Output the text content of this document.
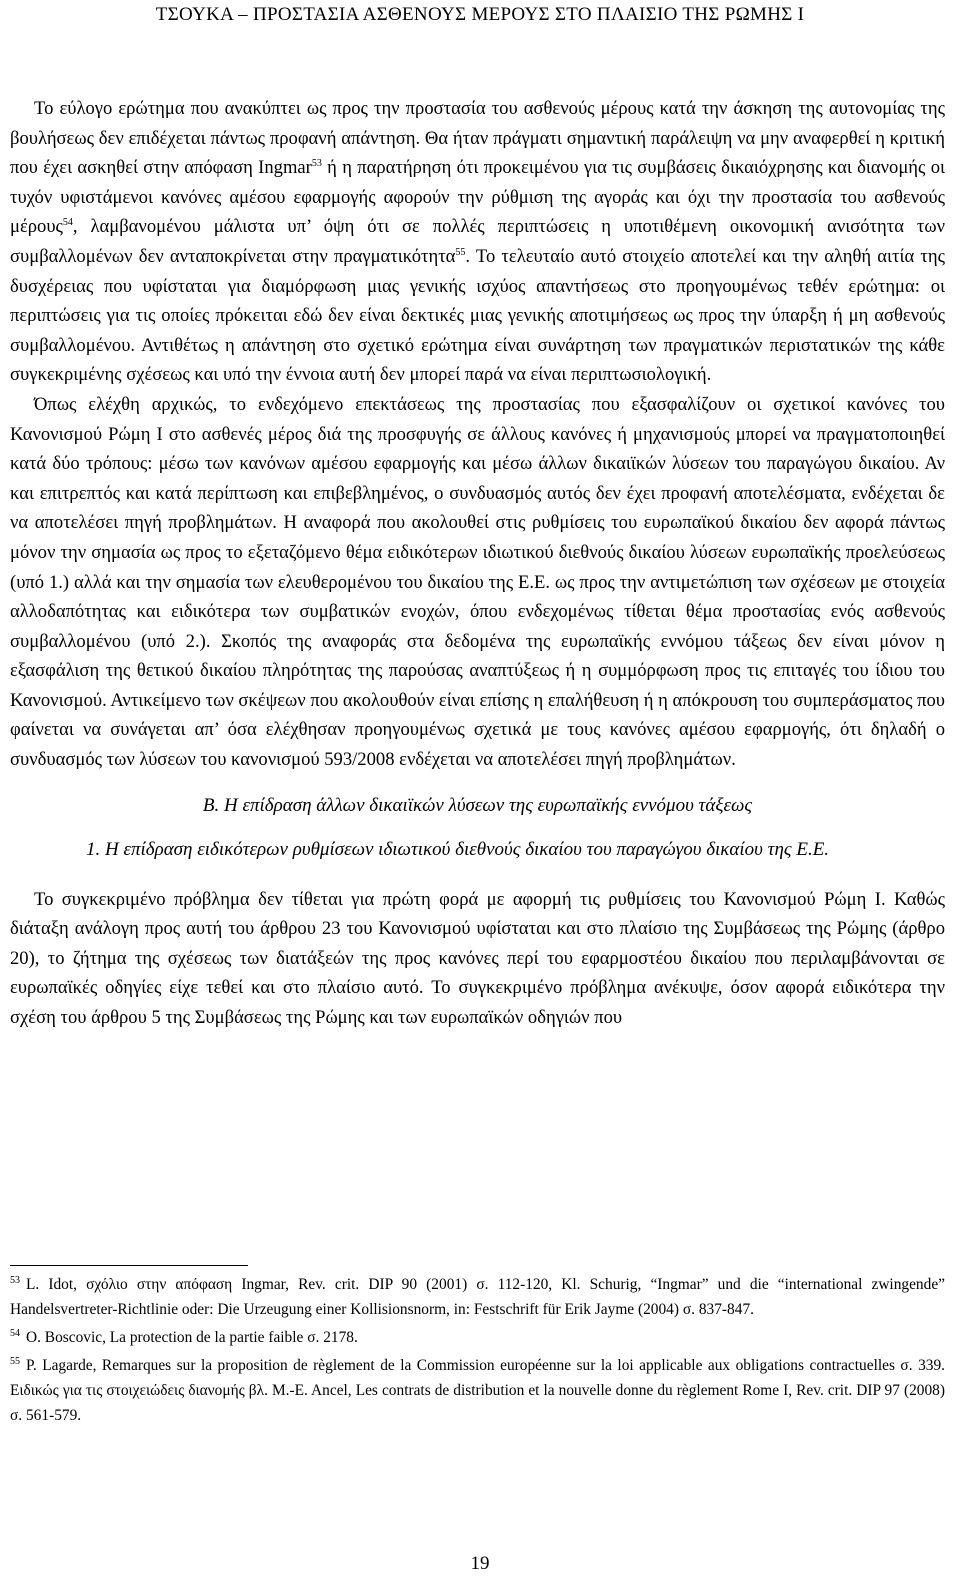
ΤΣΟΥΚΑ – ΠΡΟΣΤΑΣΙΑ ΑΣΘΕΝΟΥΣ ΜΕΡΟΥΣ ΣΤΟ ΠΛΑΙΣΙΟ ΤΗΣ ΡΩΜΗΣ Ι

Το εύλογο ερώτημα που ανακύπτει ως προς την προστασία του ασθενούς μέρους κατά την άσκηση της αυτονομίας της βουλήσεως δεν επιδέχεται πάντως προφανή απάντηση. Θα ήταν πράγματι σημαντική παράλειψη να μην αναφερθεί η κριτική που έχει ασκηθεί στην απόφαση Ingmar$^{53}$ ή η παρατήρηση ότι προκειμένου για τις συμβάσεις δικαιόχρησης και διανομής οι τυχόν υφιστάμενοι κανόνες αμέσου εφαρμογής αφορούν την ρύθμιση της αγοράς και όχι την προστασία του ασθενούς μέρους$^{54}$, λαμβανομένου μάλιστα υπ’ όψη ότι σε πολλές περιπτώσεις η υποτιθέμενη οικονομική ανισότητα των συμβαλλομένων δεν ανταποκρίνεται στην πραγματικότητα$^{55}$. Το τελευταίο αυτό στοιχείο αποτελεί και την αληθή αιτία της δυσχέρειας που υφίσταται για διαμόρφωση μιας γενικής ισχύος απαντήσεως στο προηγουμένως τεθέν ερώτημα: οι περιπτώσεις για τις οποίες πρόκειται εδώ δεν είναι δεκτικές μιας γενικής αποτιμήσεως ως προς την ύπαρξη ή μη ασθενούς συμβαλλομένου. Αντιθέτως η απάντηση στο σχετικό ερώτημα είναι συνάρτηση των πραγματικών περιστατικών της κάθε συγκεκριμένης σχέσεως και υπό την έννοια αυτή δεν μπορεί παρά να είναι περιπτωσιολογική.

Όπως ελέχθη αρχικώς, το ενδεχόμενο επεκτάσεως της προστασίας που εξασφαλίζουν οι σχετικοί κανόνες του Κανονισμού Ρώμη Ι στο ασθενές μέρος διά της προσφυγής σε άλλους κανόνες ή μηχανισμούς μπορεί να πραγματοποιηθεί κατά δύο τρόπους: μέσω των κανόνων αμέσου εφαρμογής και μέσω άλλων δικαιϊκών λύσεων του παραγώγου δικαίου. Αν και επιτρεπτός και κατά περίπτωση και επιβεβλημένος, ο συνδυασμός αυτός δεν έχει προφανή αποτελέσματα, ενδέχεται δε να αποτελέσει πηγή προβλημάτων. Η αναφορά που ακολουθεί στις ρυθμίσεις του ευρωπαϊκού δικαίου δεν αφορά πάντως μόνον την σημασία ως προς το εξεταζόμενο θέμα ειδικότερων ιδιωτικού διεθνούς δικαίου λύσεων ευρωπαϊκής προελεύσεως (υπό 1.) αλλά και την σημασία των ελευθερομένου του δικαίου της Ε.Ε. ως προς την αντιμετώπιση των σχέσεων με στοιχεία αλλοδαπότητας και ειδικότερα των συμβατικών ενοχών, όπου ενδεχομένως τίθεται θέμα προστασίας ενός ασθενούς συμβαλλομένου (υπό 2.). Σκοπός της αναφοράς στα δεδομένα της ευρωπαϊκής εννόμου τάξεως δεν είναι μόνον η εξασφάλιση της θετικού δικαίου πληρότητας της παρούσας αναπτύξεως ή η συμμόρφωση προς τις επιταγές του ίδιου του Κανονισμού. Αντικείμενο των σκέψεων που ακολουθούν είναι επίσης η επαλήθευση ή η απόκρουση του συμπεράσματος που φαίνεται να συνάγεται απ’ όσα ελέχθησαν προηγουμένως σχετικά με τους κανόνες αμέσου εφαρμογής, ότι δηλαδή ο συνδυασμός των λύσεων του κανονισμού 593/2008 ενδέχεται να αποτελέσει πηγή προβλημάτων.

Β. Η επίδραση άλλων δικαιϊκών λύσεων της ευρωπαϊκής εννόμου τάξεως
1. Η επίδραση ειδικότερων ρυθμίσεων ιδιωτικού διεθνούς δικαίου του παραγώγου δικαίου της Ε.Ε.

Το συγκεκριμένο πρόβλημα δεν τίθεται για πρώτη φορά με αφορμή τις ρυθμίσεις του Κανονισμού Ρώμη Ι. Καθώς διάταξη ανάλογη προς αυτή του άρθρου 23 του Κανονισμού υφίσταται και στο πλαίσιο της Συμβάσεως της Ρώμης (άρθρο 20), το ζήτημα της σχέσεως των διατάξεών της προς κανόνες περί του εφαρμοστέου δικαίου που περιλαμβάνονται σε ευρωπαϊκές οδηγίες είχε τεθεί και στο πλαίσιο αυτό. Το συγκεκριμένο πρόβλημα ανέκυψε, όσον αφορά ειδικότερα την σχέση του άρθρου 5 της Συμβάσεως της Ρώμης και των ευρωπαϊκών οδηγιών που

$^{53}$ L. Idot, σχόλιο στην απόφαση Ingmar, Rev. crit. DIP 90 (2001) σ. 112-120, Kl. Schurig, “Ingmar” und die “international zwingende” Handelsvertreter-Richtlinie oder: Die Urzeugung einer Kollisionsnorm, in: Festschrift für Erik Jayme (2004) σ. 837-847.

$^{54}$ O. Boscovic, La protection de la partie faible σ. 2178.

$^{55}$ P. Lagarde, Remarques sur la proposition de règlement de la Commission européenne sur la loi applicable aux obligations contractuelles σ. 339. Ειδικώς για τις στοιχειώδεις διανομής βλ. M.-E. Ancel, Les contrats de distribution et la nouvelle donne du règlement Rome I, Rev. crit. DIP 97 (2008) σ. 561-579.

19
